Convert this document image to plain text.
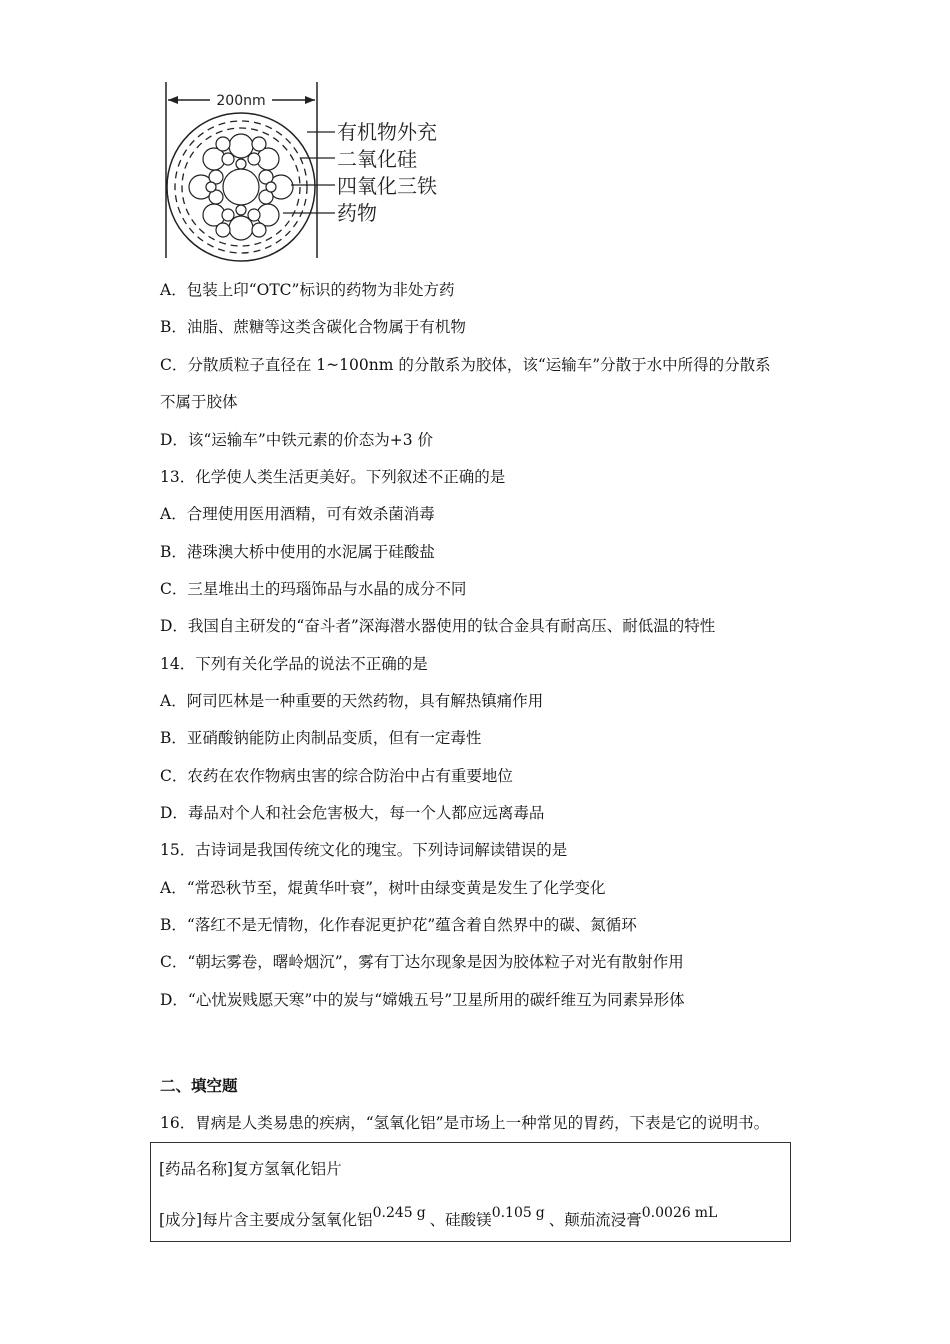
200nm
有机物外充
二氧化硅
四氧化三铁
药物
A．包装上印“OTC”标识的药物为非处方药
B．油脂、蔗糖等这类含碳化合物属于有机物
C．分散质粒子直径在 1~100nm 的分散系为胶体，该“运输车”分散于水中所得的分散系
不属于胶体
D．该“运输车”中铁元素的价态为+3 价
13．化学使人类生活更美好。下列叙述不正确的是
A．合理使用医用酒精，可有效杀菌消毒
B．港珠澳大桥中使用的水泥属于硅酸盐
C．三星堆出土的玛瑙饰品与水晶的成分不同
D．我国自主研发的“奋斗者”深海潜水器使用的钛合金具有耐高压、耐低温的特性
14．下列有关化学品的说法不正确的是
A．阿司匹林是一种重要的天然药物，具有解热镇痛作用
B．亚硝酸钠能防止肉制品变质，但有一定毒性
C．农药在农作物病虫害的综合防治中占有重要地位
D．毒品对个人和社会危害极大，每一个人都应远离毒品
15．古诗词是我国传统文化的瑰宝。下列诗词解读错误的是
A．“常恐秋节至，焜黄华叶衰”，树叶由绿变黄是发生了化学变化
B．“落红不是无情物，化作春泥更护花”蕴含着自然界中的碳、氮循环
C．“朝坛雾卷，曙岭烟沉”，雾有丁达尔现象是因为胶体粒子对光有散射作用
D．“心忧炭贱愿天寒”中的炭与“嫦娥五号”卫星所用的碳纤维互为同素异形体
二、填空题
16．胃病是人类易患的疾病，“氢氧化铝”是市场上一种常见的胃药，下表是它的说明书。
[药品名称]复方氢氧化铝片
[成分]每片含主要成分氢氧化铝$^{0.245 g}$ 、硅酸镁$^{0.105 g}$ 、颠茄流浸膏$^{0.0026 mL}$
